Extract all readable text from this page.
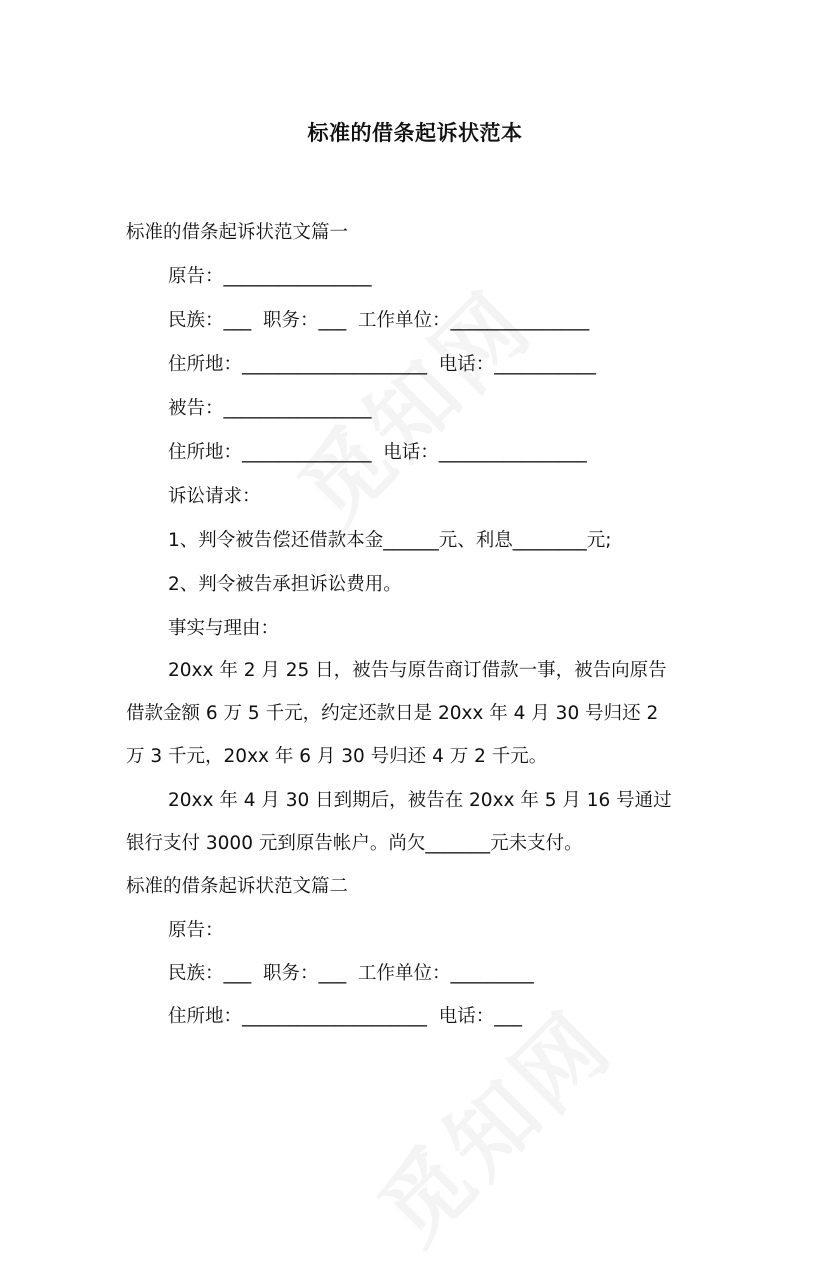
标准的借条起诉状范本
标准的借条起诉状范文篇一
原告：________________
民族：___  职务：___  工作单位：_______________
住所地：____________________  电话：___________
被告：________________
住所地：______________  电话：________________
诉讼请求：
1、判令被告偿还借款本金______元、利息________元;
2、判令被告承担诉讼费用。
事实与理由：
20xx 年 2 月 25 日，被告与原告商订借款一事，被告向原告
借款金额 6 万 5 千元，约定还款日是 20xx 年 4 月 30 号归还 2
万 3 千元，20xx 年 6 月 30 号归还 4 万 2 千元。
20xx 年 4 月 30 日到期后，被告在 20xx 年 5 月 16 号通过
银行支付 3000 元到原告帐户。尚欠_______元未支付。
标准的借条起诉状范文篇二
原告：
民族：___  职务：___  工作单位：_________
住所地：____________________  电话：___
